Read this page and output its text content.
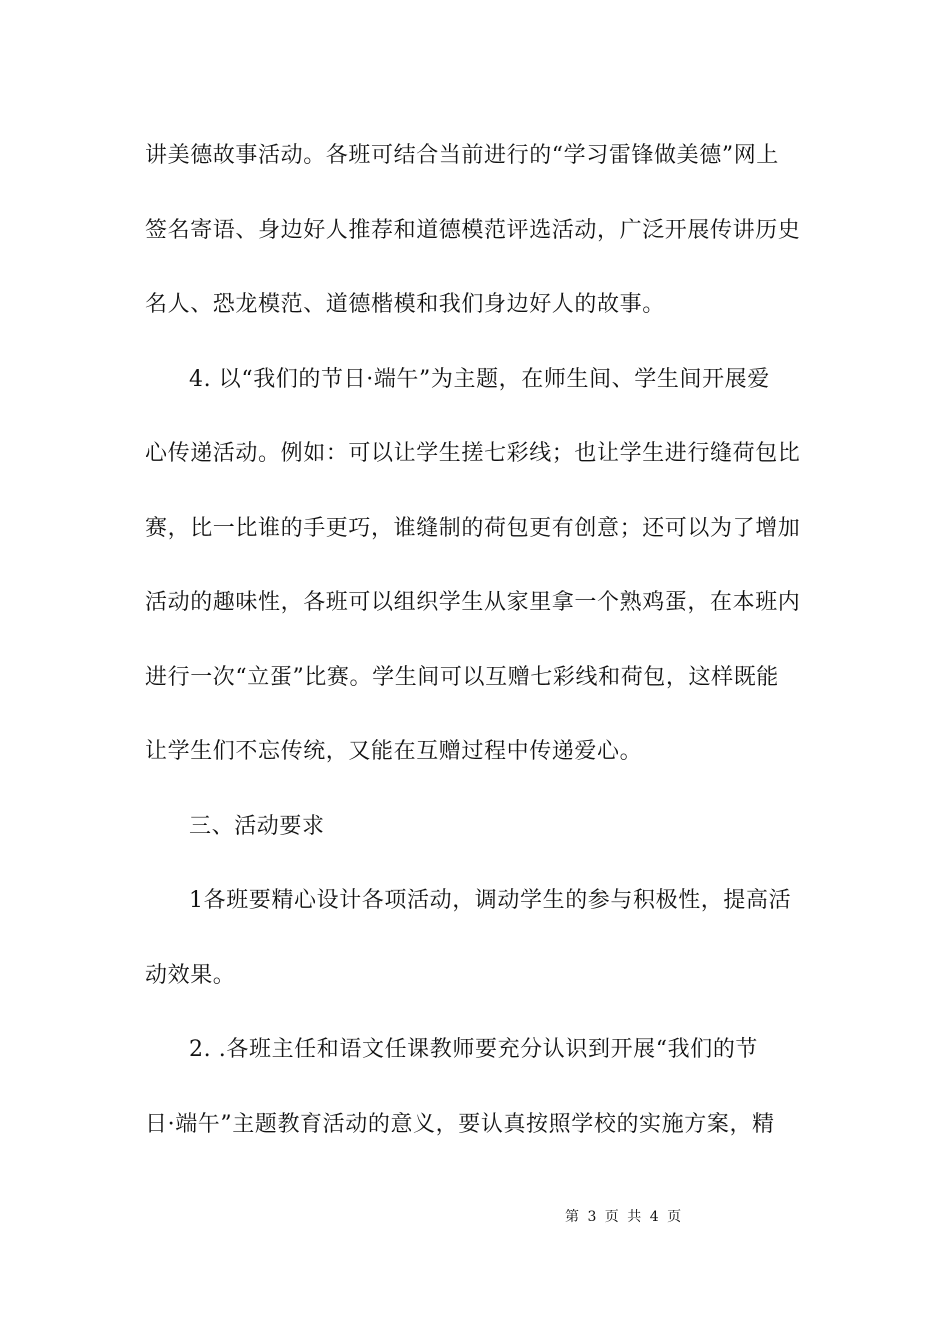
讲美德故事活动。各班可结合当前进行的“学习雷锋做美德”网上
签名寄语、身边好人推荐和道德模范评选活动，广泛开展传讲历史
名人、恐龙模范、道德楷模和我们身边好人的故事。
4. 以“我们的节日·端午”为主题，在师生间、学生间开展爱
心传递活动。例如：可以让学生搓七彩线；也让学生进行缝荷包比
赛，比一比谁的手更巧，谁缝制的荷包更有创意；还可以为了增加
活动的趣味性，各班可以组织学生从家里拿一个熟鸡蛋，在本班内
进行一次“立蛋”比赛。学生间可以互赠七彩线和荷包，这样既能
让学生们不忘传统，又能在互赠过程中传递爱心。
三、活动要求
1各班要精心设计各项活动，调动学生的参与积极性，提高活
动效果。
2. .各班主任和语文任课教师要充分认识到开展“我们的节
日·端午”主题教育活动的意义，要认真按照学校的实施方案，精
第 3 页 共 4 页
